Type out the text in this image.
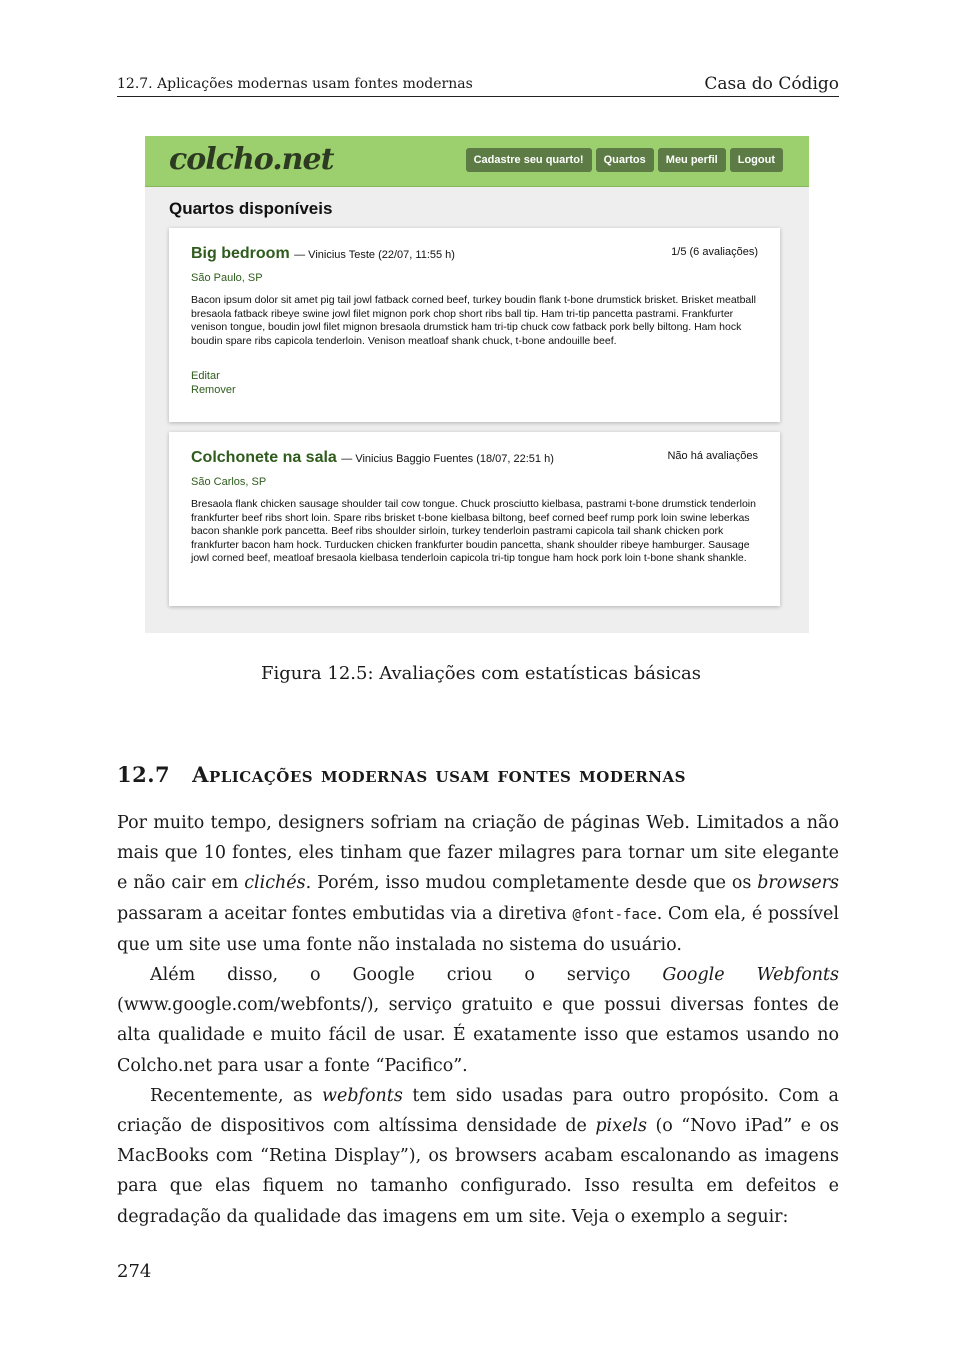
12.7. Aplicações modernas usam fontes modernas	Casa do Código
colcho.net	Cadastre seu quarto!	Quartos	Meu perfil	Logout
Quartos disponíveis
Big bedroom — Vinicius Teste (22/07, 11:55 h)	1/5 (6 avaliações)
São Paulo, SP

Bacon ipsum dolor sit amet pig tail jowl fatback corned beef, turkey boudin flank t-bone drumstick brisket. Brisket meatball bresaola fatback ribeye swine jowl filet mignon pork chop short ribs ball tip. Ham tri-tip pancetta pastrami. Frankfurter venison tongue, boudin jowl filet mignon bresaola drumstick ham tri-tip chuck cow fatback pork belly biltong. Ham hock boudin spare ribs capicola tenderloin. Venison meatloaf shank chuck, t-bone andouille beef.

Editar
Remover
Colchonete na sala — Vinicius Baggio Fuentes (18/07, 22:51 h)	Não há avaliações
São Carlos, SP

Bresaola flank chicken sausage shoulder tail cow tongue. Chuck prosciutto kielbasa, pastrami t-bone drumstick tenderloin frankfurter beef ribs short loin. Spare ribs brisket t-bone kielbasa biltong, beef corned beef rump pork loin swine leberkas bacon shankle pork pancetta. Beef ribs shoulder sirloin, turkey tenderloin pastrami capicola tail shank chicken pork frankfurter bacon ham hock. Turducken chicken frankfurter boudin pancetta, shank shoulder ribeye hamburger. Sausage jowl corned beef, meatloaf bresaola kielbasa tenderloin capicola tri-tip tongue ham hock pork loin t-bone shank shankle.

Figura 12.5: Avaliações com estatísticas básicas
12.7 Aplicações modernas usam fontes modernas

Por muito tempo, designers sofriam na criação de páginas Web. Limitados a não mais que 10 fontes, eles tinham que fazer milagres para tornar um site elegante e não cair em clichés. Porém, isso mudou completamente desde que os browsers passaram a aceitar fontes embutidas via a diretiva @font-face. Com ela, é possível que um site use uma fonte não instalada no sistema do usuário.

Além disso, o Google criou o serviço Google Webfonts (www.google.com/webfonts/), serviço gratuito e que possui diversas fontes de alta qualidade e muito fácil de usar. É exatamente isso que estamos usando no Colcho.net para usar a fonte “Pacifico”.

Recentemente, as webfonts tem sido usadas para outro propósito. Com a criação de dispositivos com altíssima densidade de pixels (o “Novo iPad” e os MacBooks com “Retina Display”), os browsers acabam escalonando as imagens para que elas fiquem no tamanho configurado. Isso resulta em defeitos e degradação da qualidade das imagens em um site. Veja o exemplo a seguir:

274
